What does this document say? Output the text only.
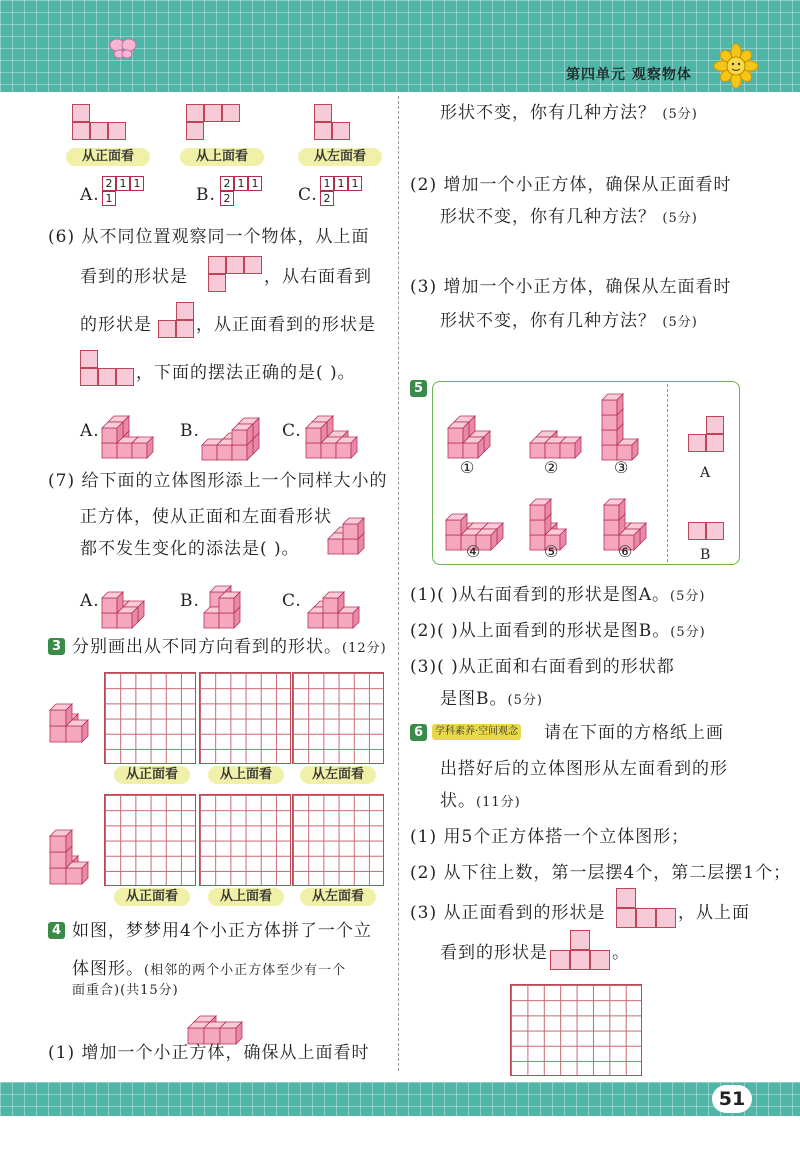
第四单元 观察物体
从正面看	从上面看	从左面看
A.
2 1 1
1	B.
2 1 1
2	C.
1 1 1
2
(6) 从不同位置观察同一个物体，从上面
看到的形状是	，从右面看到
的形状是	，从正面看到的形状是
，下面的摆法正确的是( )。
A.	B.	C.
(7) 给下面的立体图形添上一个同样大小的
正方体，使从正面和左面看形状
都不发生变化的添法是( )。
A.	B.	C.
3 分别画出从不同方向看到的形状。(12分)
从正面看	从上面看	从左面看
从正面看	从上面看	从左面看
4 如图，梦梦用4个小正方体拼了一个立
体图形。(相邻的两个小正方体至少有一个
面重合)(共15分)
(1) 增加一个小正方体，确保从上面看时
形状不变，你有几种方法？ (5分)
(2) 增加一个小正方体，确保从正面看时
形状不变，你有几种方法？ (5分)
(3) 增加一个小正方体，确保从左面看时
形状不变，你有几种方法？ (5分)
5
①	②	③
④	⑤	⑥
A
B
(1)( )从右面看到的形状是图A。(5分)
(2)( )从上面看到的形状是图B。(5分)
(3)( )从正面和右面看到的形状都
是图B。(5分)
6	学科素养·空间观念 请在下面的方格纸上画
出搭好后的立体图形从左面看到的形
状。(11分)
(1) 用5个正方体搭一个立体图形；
(2) 从下往上数，第一层摆4个，第二层摆1个；
(3) 从正面看到的形状是	，从上面
看到的形状是	。
51
